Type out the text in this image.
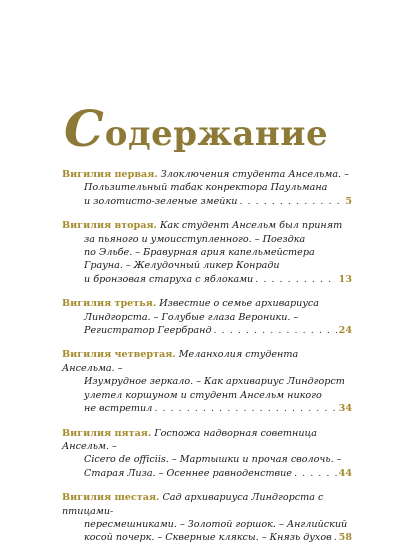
С одержание

Вигилия первая. Злоключения студента Ансельма. –

Пользительный табак конректора Паульмана

и золотисто-зеленые змейки . . .	5

Вигилия вторая. Как студент Ансельм был принят

за пьяного и умоисступленного. – Поездка

по Эльбе. – Бравурная ария капельмейстера

Грауна. – Желудочный ликер Конради

и бронзовая старуха с яблоками . . .	13

Вигилия третья. Известие о семье архивариуса

Линдгорста. – Голубые глаза Вероники. –

Регистратор Геербранд . . .	24

Вигилия четвертая. Меланхолия студента Ансельма. –

Изумрудное зеркало. – Как архивариус Линдгорст

улетел коршуном и студент Ансельм никого

не встретил . . .	34

Вигилия пятая. Госпожа надворная советница Ансельм. –

Cicero de officiis. – Мартышки и прочая сволочь. –

Старая Лиза. – Осеннее равноденствие . . .	44

Вигилия шестая. Сад архивариуса Линдгорста с птицами-

пересмешниками. – Золотой горшок. – Английский

косой почерк. – Скверные кляксы. – Князь духов . . . 58
